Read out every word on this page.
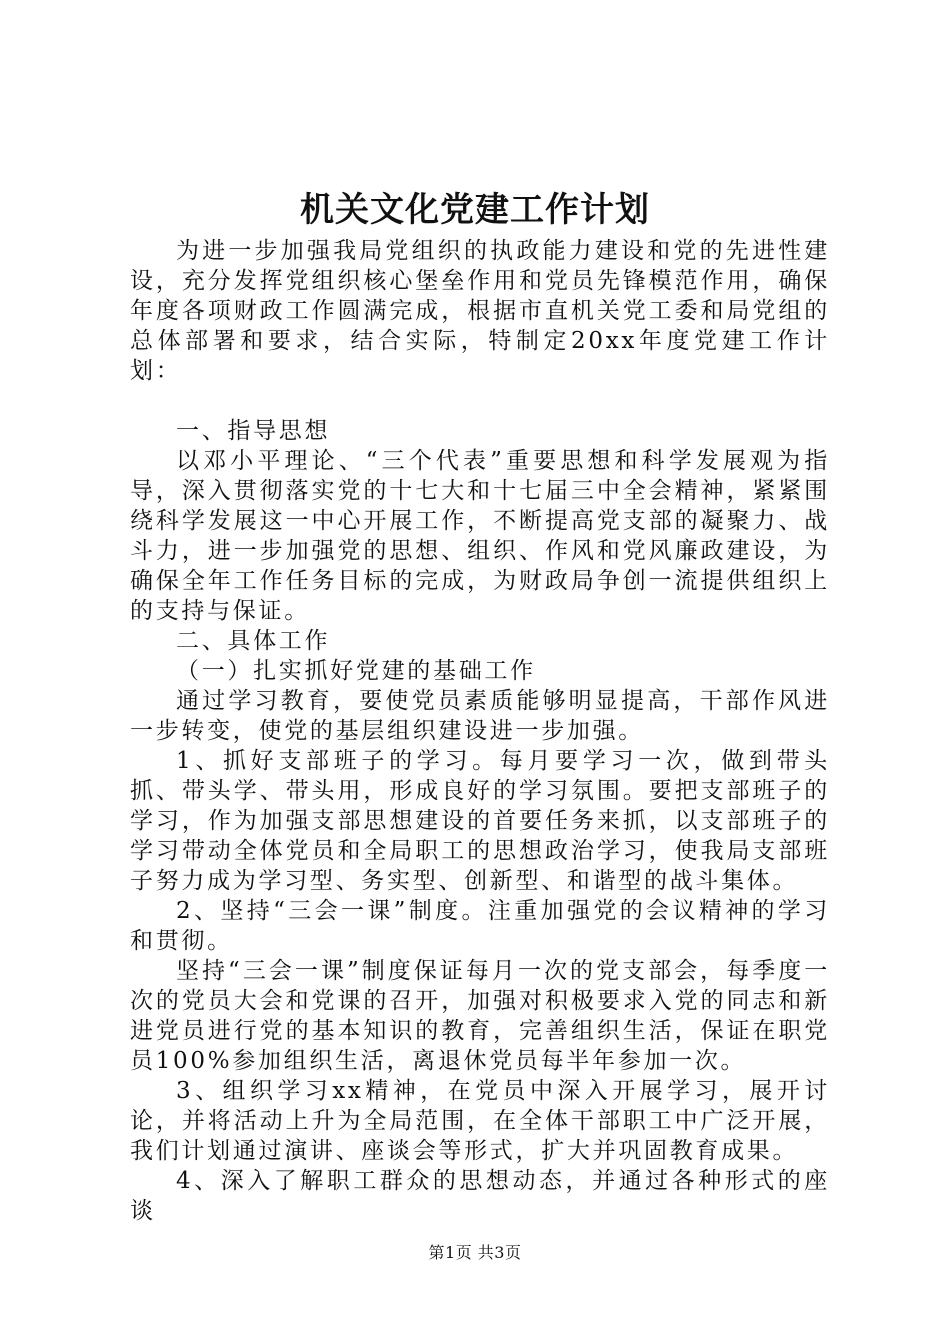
机关文化党建工作计划

为进一步加强我局党组织的执政能力建设和党的先进性建设，充分发挥党组织核心堡垒作用和党员先锋模范作用，确保年度各项财政工作圆满完成，根据市直机关党工委和局党组的总体部署和要求，结合实际，特制定20xx年度党建工作计划：

一、指导思想

以邓小平理论、“三个代表”重要思想和科学发展观为指导，深入贯彻落实党的十七大和十七届三中全会精神，紧紧围绕科学发展这一中心开展工作，不断提高党支部的凝聚力、战斗力，进一步加强党的思想、组织、作风和党风廉政建设，为确保全年工作任务目标的完成，为财政局争创一流提供组织上的支持与保证。

二、具体工作

（一）扎实抓好党建的基础工作

通过学习教育，要使党员素质能够明显提高，干部作风进一步转变，使党的基层组织建设进一步加强。

1、抓好支部班子的学习。每月要学习一次，做到带头抓、带头学、带头用，形成良好的学习氛围。要把支部班子的学习，作为加强支部思想建设的首要任务来抓，以支部班子的学习带动全体党员和全局职工的思想政治学习，使我局支部班子努力成为学习型、务实型、创新型、和谐型的战斗集体。

2、坚持“三会一课”制度。注重加强党的会议精神的学习和贯彻。

坚持“三会一课”制度保证每月一次的党支部会，每季度一次的党员大会和党课的召开，加强对积极要求入党的同志和新进党员进行党的基本知识的教育，完善组织生活，保证在职党员100%参加组织生活，离退休党员每半年参加一次。

3、组织学习xx精神，在党员中深入开展学习，展开讨论，并将活动上升为全局范围，在全体干部职工中广泛开展，我们计划通过演讲、座谈会等形式，扩大并巩固教育成果。

4、深入了解职工群众的思想动态，并通过各种形式的座谈

第1页 共3页
